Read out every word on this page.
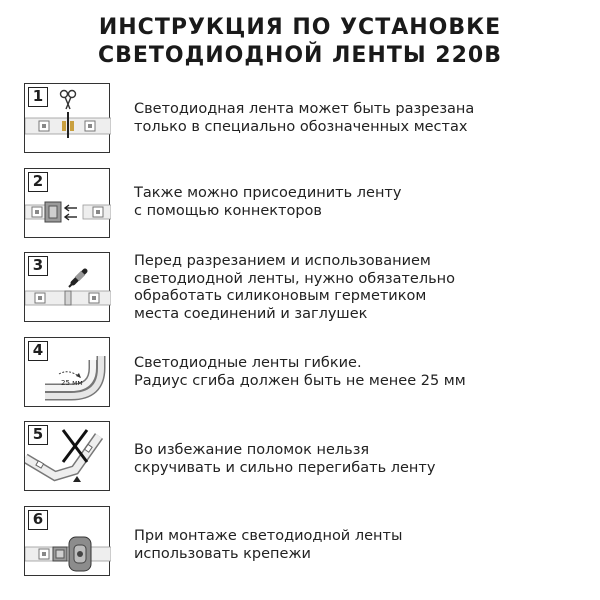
ИНСТРУКЦИЯ ПО УСТАНОВКЕ
СВЕТОДИОДНОЙ ЛЕНТЫ 220В
1
Светодиодная лента может быть разрезана
только в специально обозначенных местах
2
Также можно присоединить ленту
с помощью коннекторов
3	Перед разрезанием и использованием
светодиодной ленты, нужно обязательно
обработать силиконовым герметиком
места соединений и заглушек
25 мм
4
Светодиодные ленты гибкие.
Радиус сгиба должен быть не менее 25 мм
5
Во избежание поломок нельзя
скручивать и сильно перегибать ленту
6
При монтаже светодиодной ленты
использовать крепежи
